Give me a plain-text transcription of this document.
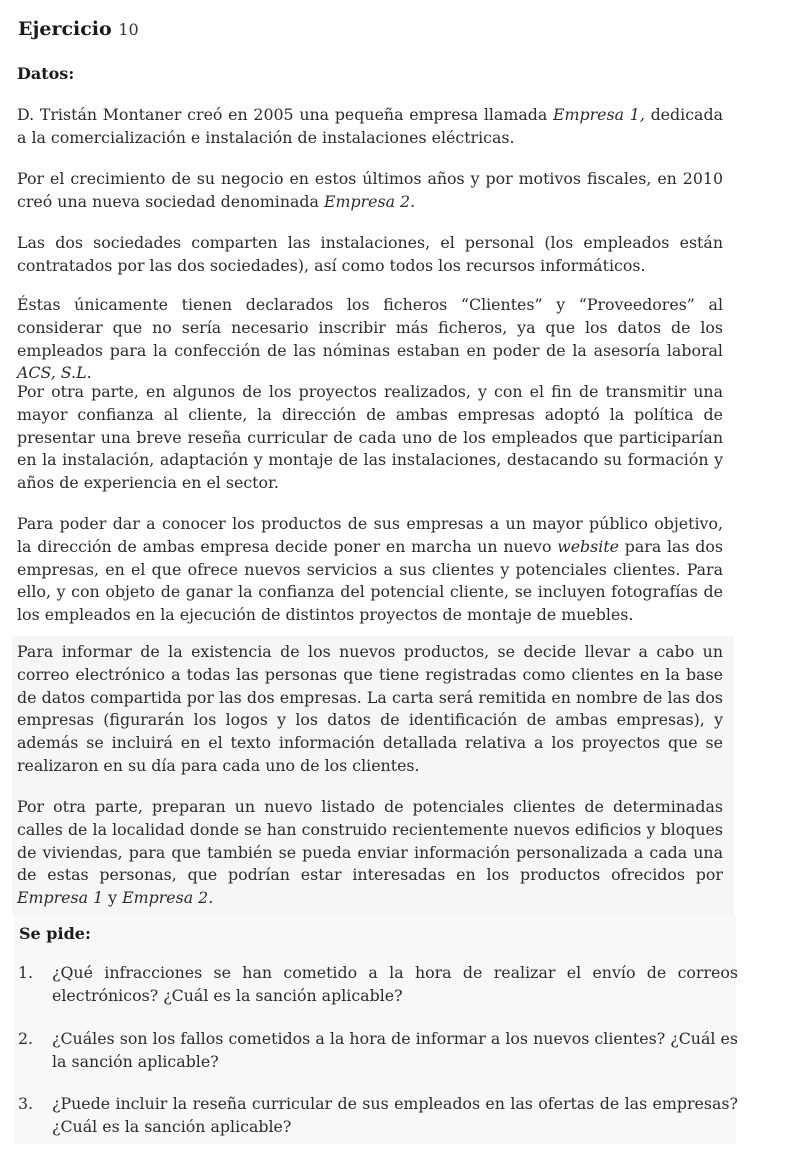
Ejercicio 10
Datos:

D. Tristán Montaner creó en 2005 una pequeña empresa llamada Empresa 1, dedicada a la comercialización e instalación de instalaciones eléctricas.

Por el crecimiento de su negocio en estos últimos años y por motivos fiscales, en 2010 creó una nueva sociedad denominada Empresa 2.

Las dos sociedades comparten las instalaciones, el personal (los empleados están contratados por las dos sociedades), así como todos los recursos informáticos.

Éstas únicamente tienen declarados los ficheros “Clientes” y “Proveedores” al considerar que no sería necesario inscribir más ficheros, ya que los datos de los empleados para la confección de las nóminas estaban en poder de la asesoría laboral ACS, S.L.

Por otra parte, en algunos de los proyectos realizados, y con el fin de transmitir una mayor confianza al cliente, la dirección de ambas empresas adoptó la política de presentar una breve reseña curricular de cada uno de los empleados que participarían en la instalación, adaptación y montaje de las instalaciones, destacando su formación y años de experiencia en el sector.

Para poder dar a conocer los productos de sus empresas a un mayor público objetivo, la dirección de ambas empresa decide poner en marcha un nuevo website para las dos empresas, en el que ofrece nuevos servicios a sus clientes y potenciales clientes. Para ello, y con objeto de ganar la confianza del potencial cliente, se incluyen fotografías de los empleados en la ejecución de distintos proyectos de montaje de muebles.

Para informar de la existencia de los nuevos productos, se decide llevar a cabo un correo electrónico a todas las personas que tiene registradas como clientes en la base de datos compartida por las dos empresas. La carta será remitida en nombre de las dos empresas (figurarán los logos y los datos de identificación de ambas empresas), y además se incluirá en el texto información detallada relativa a los proyectos que se realizaron en su día para cada uno de los clientes.

Por otra parte, preparan un nuevo listado de potenciales clientes de determinadas calles de la localidad donde se han construido recientemente nuevos edificios y bloques de viviendas, para que también se pueda enviar información personalizada a cada una de estas personas, que podrían estar interesadas en los productos ofrecidos por Empresa 1 y Empresa 2.

Se pide:
1.	¿Qué infracciones se han cometido a la hora de realizar el envío de correos electrónicos? ¿Cuál es la sanción aplicable?
2.	¿Cuáles son los fallos cometidos a la hora de informar a los nuevos clientes? ¿Cuál es la sanción aplicable?
3.	¿Puede incluir la reseña curricular de sus empleados en las ofertas de las empresas? ¿Cuál es la sanción aplicable?
